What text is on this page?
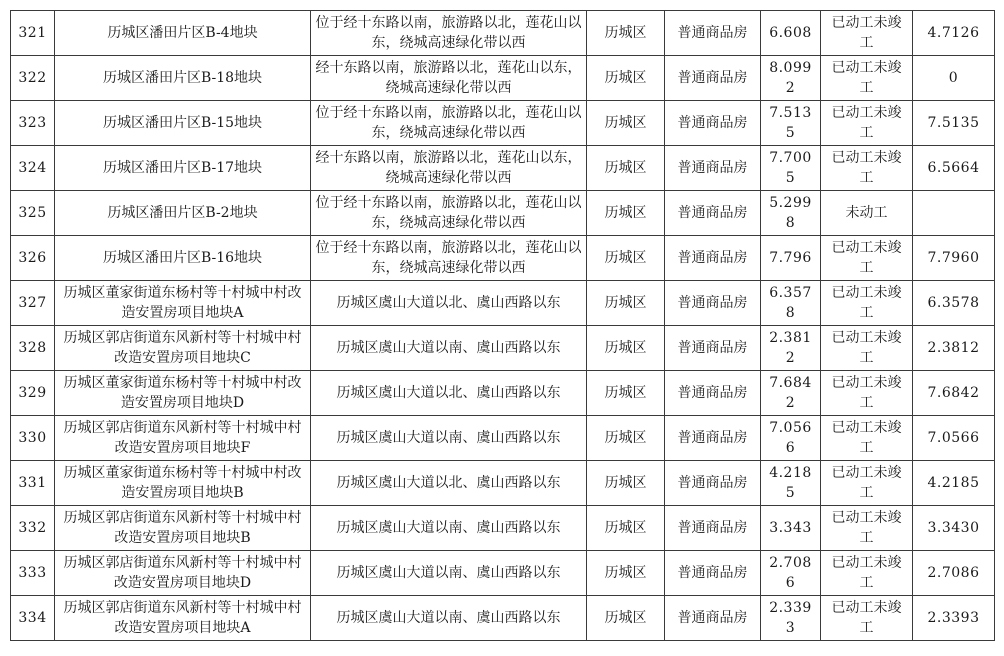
321	历城区潘田片区B-4地块	位于经十东路以南，旅游路以北，莲花山以东，绕城高速绿化带以西	历城区	普通商品房	6.608	已动工未竣工	4.7126
322	历城区潘田片区B-18地块	经十东路以南，旅游路以北，莲花山以东，绕城高速绿化带以西	历城区	普通商品房	8.0992	已动工未竣工	0
323	历城区潘田片区B-15地块	位于经十东路以南，旅游路以北，莲花山以东，绕城高速绿化带以西	历城区	普通商品房	7.5135	已动工未竣工	7.5135
324	历城区潘田片区B-17地块	经十东路以南，旅游路以北，莲花山以东，绕城高速绿化带以西	历城区	普通商品房	7.7005	已动工未竣工	6.5664
325	历城区潘田片区B-2地块	位于经十东路以南，旅游路以北，莲花山以东，绕城高速绿化带以西	历城区	普通商品房	5.2998	未动工	
326	历城区潘田片区B-16地块	位于经十东路以南，旅游路以北，莲花山以东，绕城高速绿化带以西	历城区	普通商品房	7.796	已动工未竣工	7.7960
327	历城区董家街道东杨村等十村城中村改造安置房项目地块A	历城区虞山大道以北、虞山西路以东	历城区	普通商品房	6.3578	已动工未竣工	6.3578
328	历城区郭店街道东风新村等十村城中村改造安置房项目地块C	历城区虞山大道以南、虞山西路以东	历城区	普通商品房	2.3812	已动工未竣工	2.3812
329	历城区董家街道东杨村等十村城中村改造安置房项目地块D	历城区虞山大道以北、虞山西路以东	历城区	普通商品房	7.6842	已动工未竣工	7.6842
330	历城区郭店街道东风新村等十村城中村改造安置房项目地块F	历城区虞山大道以南、虞山西路以东	历城区	普通商品房	7.0566	已动工未竣工	7.0566
331	历城区董家街道东杨村等十村城中村改造安置房项目地块B	历城区虞山大道以北、虞山西路以东	历城区	普通商品房	4.2185	已动工未竣工	4.2185
332	历城区郭店街道东风新村等十村城中村改造安置房项目地块B	历城区虞山大道以南、虞山西路以东	历城区	普通商品房	3.343	已动工未竣工	3.3430
333	历城区郭店街道东风新村等十村城中村改造安置房项目地块D	历城区虞山大道以南、虞山西路以东	历城区	普通商品房	2.7086	已动工未竣工	2.7086
334	历城区郭店街道东风新村等十村城中村改造安置房项目地块A	历城区虞山大道以南、虞山西路以东	历城区	普通商品房	2.3393	已动工未竣工	2.3393
